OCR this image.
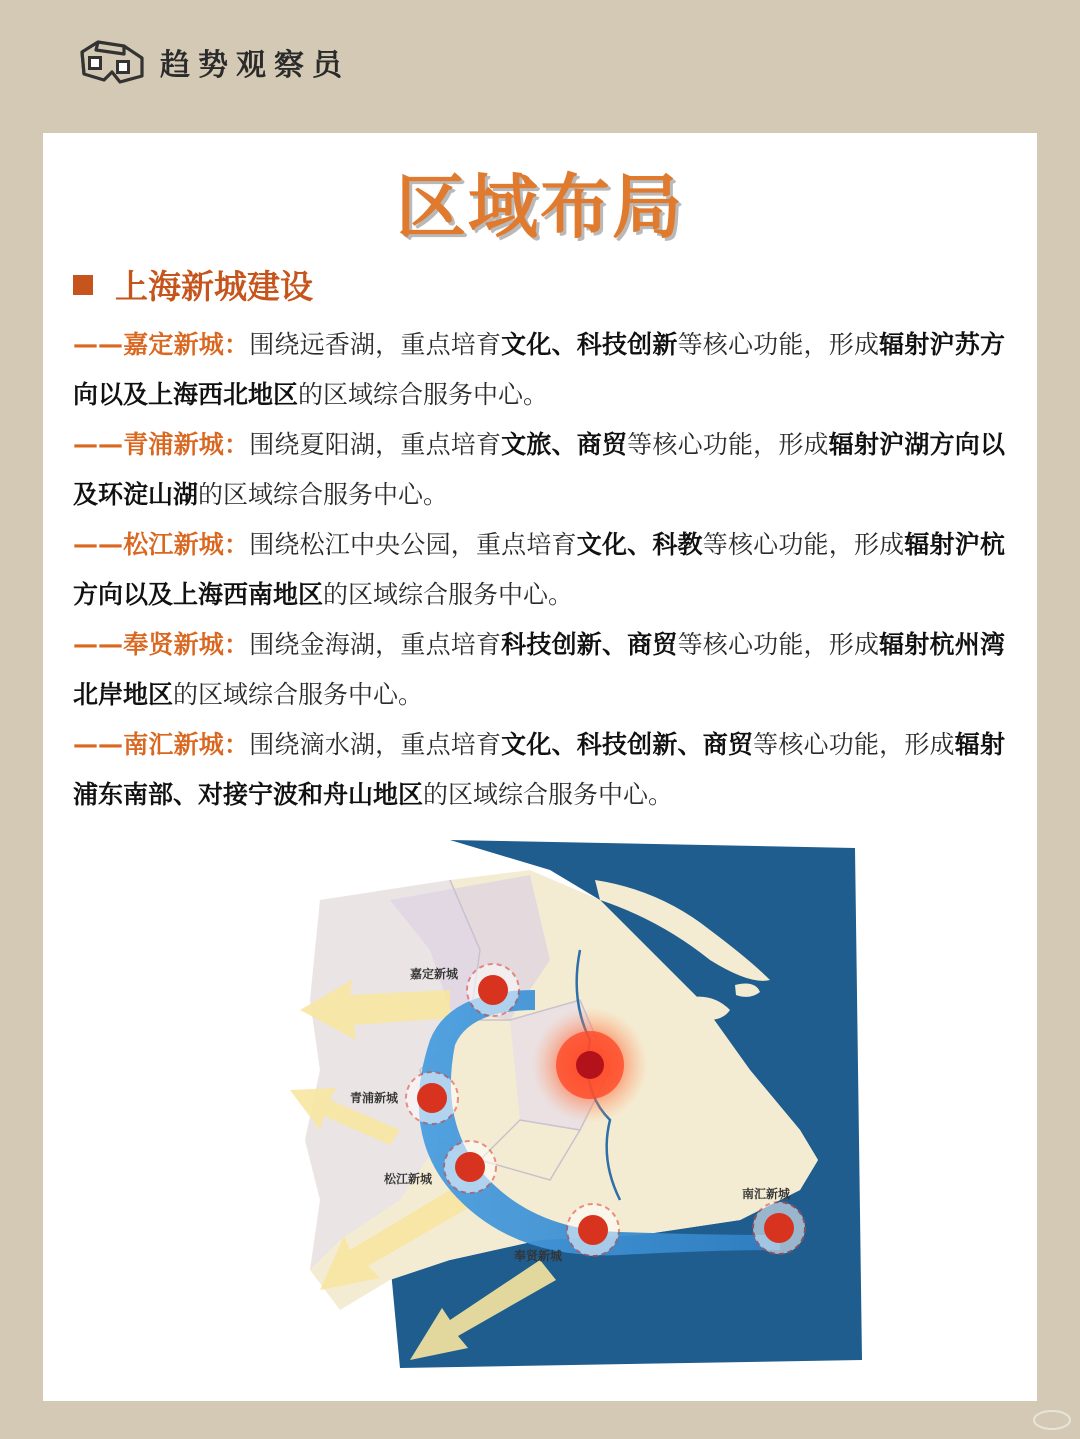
趋势观察员
区域布局
上海新城建设

——嘉定新城：围绕远香湖，重点培育文化、科技创新等核心功能，形成辐射沪苏方向以及上海西北地区的区域综合服务中心。

——青浦新城：围绕夏阳湖，重点培育文旅、商贸等核心功能，形成辐射沪湖方向以及环淀山湖的区域综合服务中心。

——松江新城：围绕松江中央公园，重点培育文化、科教等核心功能，形成辐射沪杭方向以及上海西南地区的区域综合服务中心。

——奉贤新城：围绕金海湖，重点培育科技创新、商贸等核心功能，形成辐射杭州湾北岸地区的区域综合服务中心。

——南汇新城：围绕滴水湖，重点培育文化、科技创新、商贸等核心功能，形成辐射浦东南部、对接宁波和舟山地区的区域综合服务中心。

嘉定新城
青浦新城
松江新城
奉贤新城
南汇新城
